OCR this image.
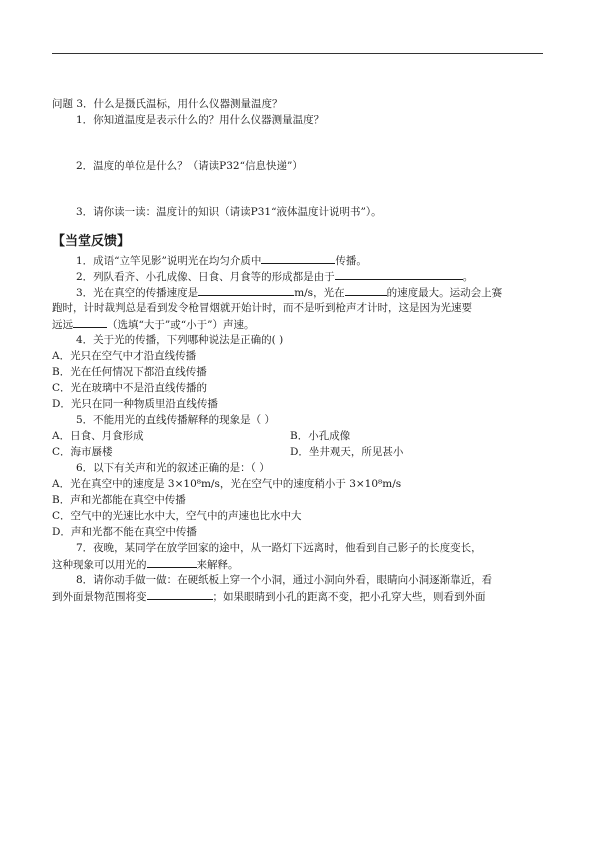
问题 3．什么是摄氏温标，用什么仪器测量温度？
1．你知道温度是表示什么的？用什么仪器测量温度？
2．温度的单位是什么？（请读P32“信息快递”）
3．请你读一读：温度计的知识（请读P31“液体温度计说明书”）。
【当堂反馈】
1．成语“立竿见影”说明光在均匀介质中	传播。
2．列队看齐、小孔成像、日食、月食等的形成都是由于	。
3．光在真空的传播速度是	m/s，光在	的速度最大。运动会上赛
跑时，计时裁判总是看到发令枪冒烟就开始计时，而不是听到枪声才计时，这是因为光速要
远远	（选填“大于”或“小于”）声速。
4．关于光的传播，下列哪种说法是正确的( )
A．光只在空气中才沿直线传播
B．光在任何情况下都沿直线传播
C．光在玻璃中不是沿直线传播的
D．光只在同一种物质里沿直线传播
5．不能用光的直线传播解释的现象是（ ）
A．日食、月食形成	B．小孔成像
C．海市蜃楼	D．坐井观天，所见甚小
6．以下有关声和光的叙述正确的是：（ ）
A．光在真空中的速度是 3×10⁸m/s，光在空气中的速度稍小于 3×10⁸m/s
B．声和光都能在真空中传播
C．空气中的光速比水中大，空气中的声速也比水中大
D．声和光都不能在真空中传播
7．夜晚，某同学在放学回家的途中，从一路灯下远离时，他看到自己影子的长度变长，
这种现象可以用光的	来解释。
8．请你动手做一做：在硬纸板上穿一个小洞，通过小洞向外看，眼睛向小洞逐渐靠近，看
到外面景物范围将变	；如果眼睛到小孔的距离不变，把小孔穿大些，则看到外面
